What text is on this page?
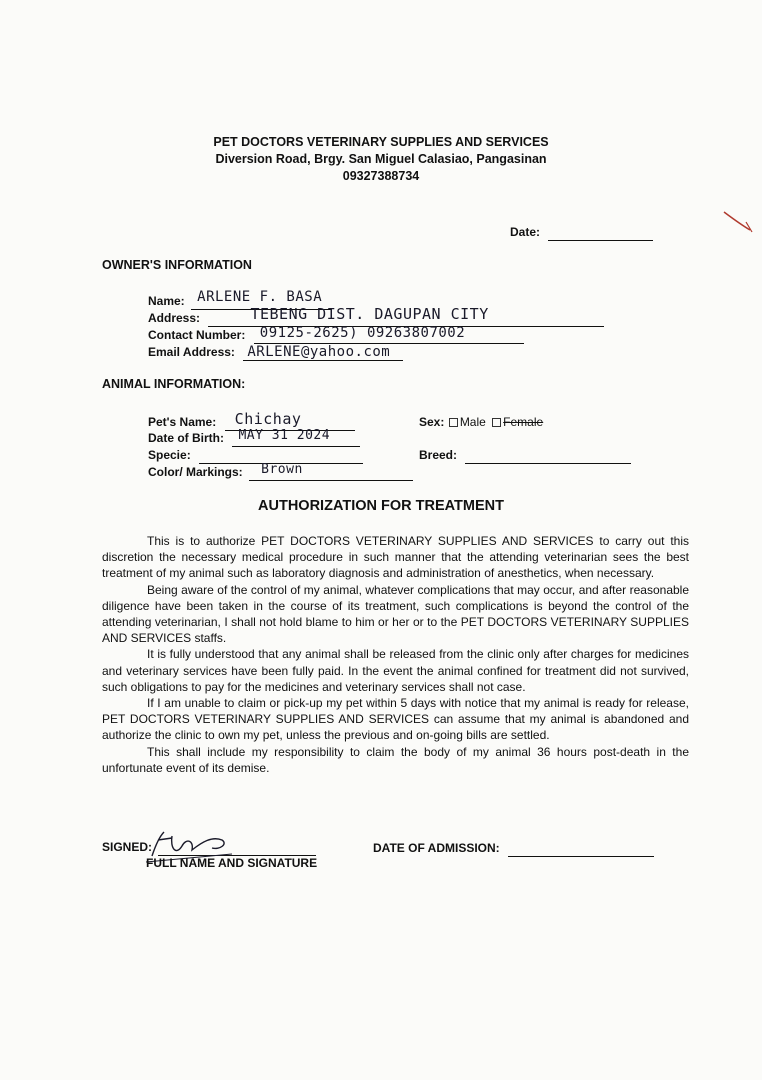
PET DOCTORS VETERINARY SUPPLIES AND SERVICES
Diversion Road, Brgy. San Miguel Calasiao, Pangasinan
09327388734
Date:
OWNER'S INFORMATION
Name: ARLENE F. BASA
Address:	TEBENG DIST. DAGUPAN CITY
Contact Number: 09125-2625) 09263807002
Email Address: ARLENE@yahoo.com
ANIMAL INFORMATION:
Pet's Name: Chichay
Date of Birth: MAY 31 2024
Specie:
Color/ Markings: Brown
Sex: Male Female
Breed:
AUTHORIZATION FOR TREATMENT

This is to authorize PET DOCTORS VETERINARY SUPPLIES AND SERVICES to carry out this discretion the necessary medical procedure in such manner that the attending veterinarian sees the best treatment of my animal such as laboratory diagnosis and administration of anesthetics, when necessary.

Being aware of the control of my animal, whatever complications that may occur, and after reasonable diligence have been taken in the course of its treatment, such complications is beyond the control of the attending veterinarian, I shall not hold blame to him or her or to the PET DOCTORS VETERINARY SUPPLIES AND SERVICES staffs.

It is fully understood that any animal shall be released from the clinic only after charges for medicines and veterinary services have been fully paid. In the event the animal confined for treatment did not survived, such obligations to pay for the medicines and veterinary services shall not case.

If I am unable to claim or pick-up my pet within 5 days with notice that my animal is ready for release, PET DOCTORS VETERINARY SUPPLIES AND SERVICES can assume that my animal is abandoned and authorize the clinic to own my pet, unless the previous and on-going bills are settled.

This shall include my responsibility to claim the body of my animal 36 hours post-death in the unfortunate event of its demise.

SIGNED:
FULL NAME AND SIGNATURE
DATE OF ADMISSION:
